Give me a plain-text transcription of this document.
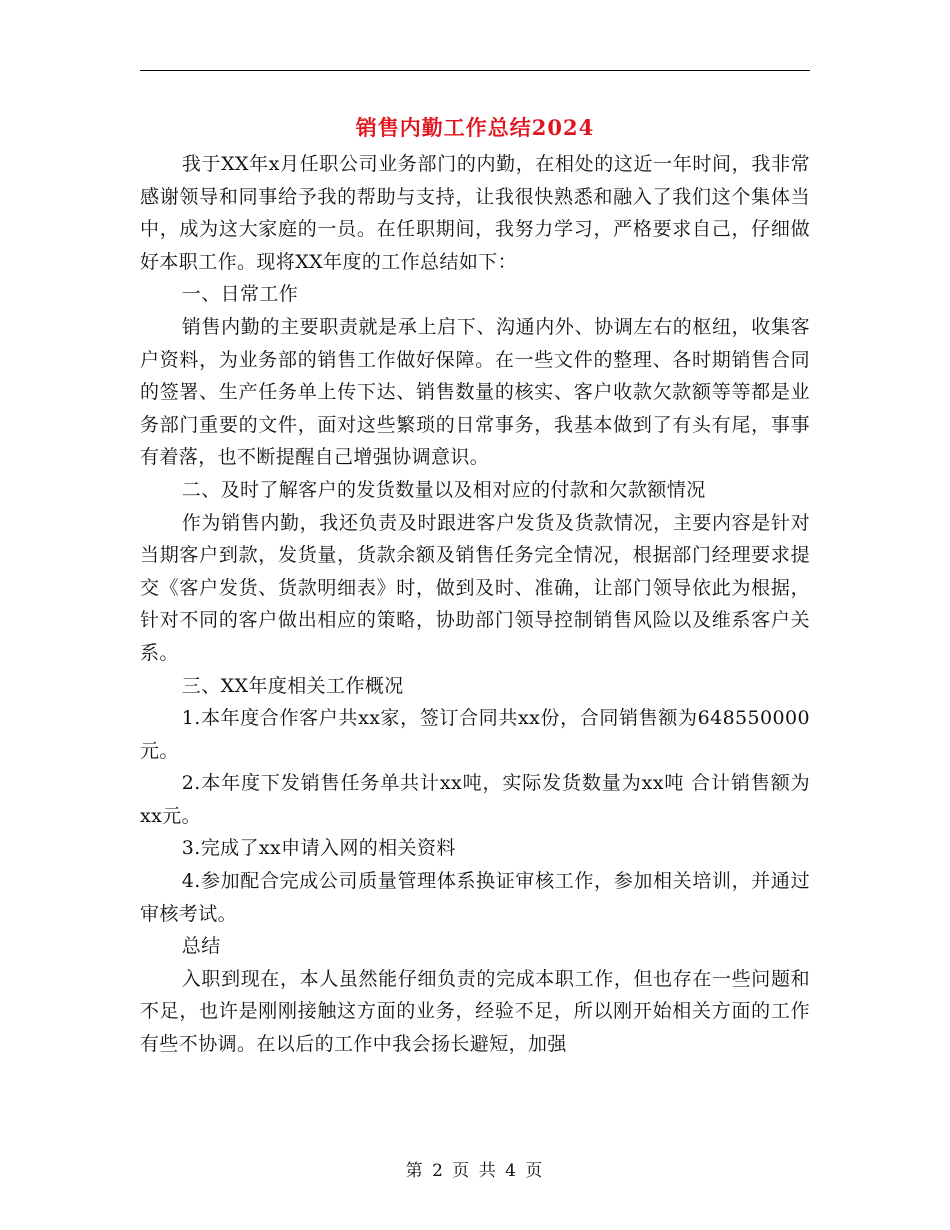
销售内勤工作总结2024

我于XX年x月任职公司业务部门的内勤，在相处的这近一年时间，我非常感谢领导和同事给予我的帮助与支持，让我很快熟悉和融入了我们这个集体当中，成为这大家庭的一员。在任职期间，我努力学习，严格要求自己，仔细做好本职工作。现将XX年度的工作总结如下：

一、日常工作

销售内勤的主要职责就是承上启下、沟通内外、协调左右的枢纽，收集客户资料，为业务部的销售工作做好保障。在一些文件的整理、各时期销售合同的签署、生产任务单上传下达、销售数量的核实、客户收款欠款额等等都是业务部门重要的文件，面对这些繁琐的日常事务，我基本做到了有头有尾，事事有着落，也不断提醒自己增强协调意识。

二、及时了解客户的发货数量以及相对应的付款和欠款额情况

作为销售内勤，我还负责及时跟进客户发货及货款情况，主要内容是针对当期客户到款，发货量，货款余额及销售任务完全情况，根据部门经理要求提交《客户发货、货款明细表》时，做到及时、准确，让部门领导依此为根据，针对不同的客户做出相应的策略，协助部门领导控制销售风险以及维系客户关系。

三、XX年度相关工作概况

1.本年度合作客户共xx家，签订合同共xx份，合同销售额为648550000元。

2.本年度下发销售任务单共计xx吨，实际发货数量为xx吨 合计销售额为xx元。

3.完成了xx申请入网的相关资料

4.参加配合完成公司质量管理体系换证审核工作，参加相关培训，并通过审核考试。

总结

入职到现在，本人虽然能仔细负责的完成本职工作，但也存在一些问题和不足，也许是刚刚接触这方面的业务，经验不足，所以刚开始相关方面的工作有些不协调。在以后的工作中我会扬长避短，加强

第 2 页 共 4 页
